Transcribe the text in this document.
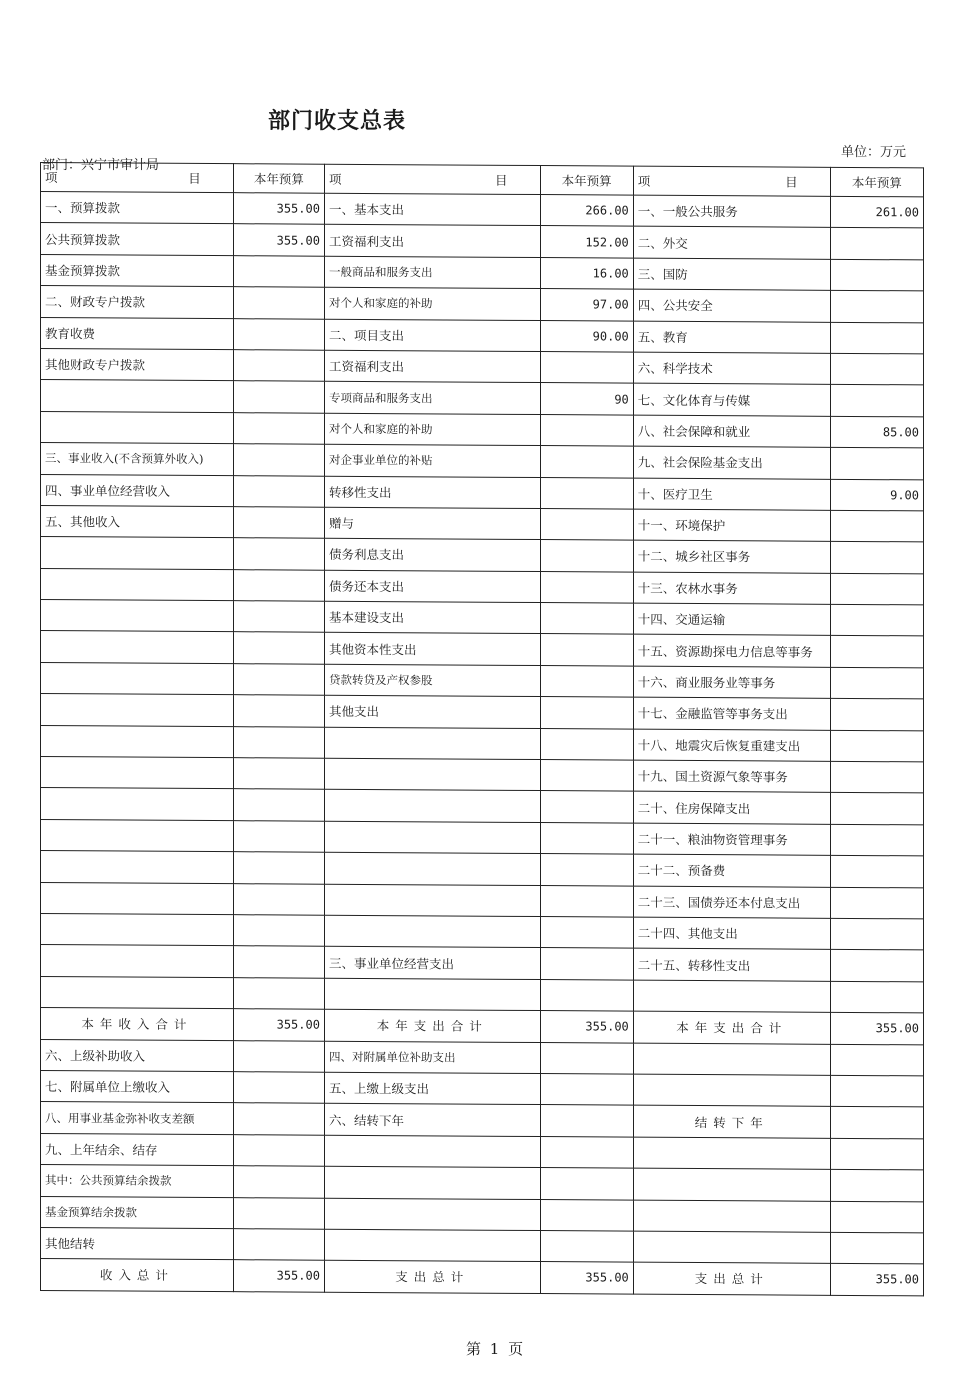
部门收支总表
单位：万元
部门：兴宁市审计局
项 目	本年预算	项 目	本年预算	项 目	本年预算
一、预算拨款	355.00	一、基本支出	266.00	一、一般公共服务	261.00
公共预算拨款	355.00	工资福利支出	152.00	二、外交	
基金预算拨款		一般商品和服务支出	16.00	三、国防	
二、财政专户拨款		对个人和家庭的补助	97.00	四、公共安全	
教育收费		二、项目支出	90.00	五、教育	
其他财政专户拨款		工资福利支出		六、科学技术	
		专项商品和服务支出	90	七、文化体育与传媒	
		对个人和家庭的补助		八、社会保障和就业	85.00
三、事业收入(不含预算外收入)		对企事业单位的补贴		九、社会保险基金支出	
四、事业单位经营收入		转移性支出		十、医疗卫生	9.00
五、其他收入		赠与		十一、环境保护	
		债务利息支出		十二、城乡社区事务	
		债务还本支出		十三、农林水事务	
		基本建设支出		十四、交通运输	
		其他资本性支出		十五、资源勘探电力信息等事务	
		贷款转贷及产权参股		十六、商业服务业等事务	
		其他支出		十七、金融监管等事务支出	
				十八、地震灾后恢复重建支出	
				十九、国土资源气象等事务	
				二十、住房保障支出	
				二十一、粮油物资管理事务	
				二十二、预备费	
				二十三、国债券还本付息支出	
				二十四、其他支出	
		三、事业单位经营支出		二十五、转移性支出	

本年收入合计	355.00	本年支出合计	355.00	本年支出合计	355.00
六、上级补助收入		四、对附属单位补助支出			
七、附属单位上缴收入		五、上缴上级支出			
八、用事业基金弥补收支差额		六、结转下年		结转下年	
九、上年结余、结存					
其中：公共预算结余拨款					
基金预算结余拨款					
其他结转					
收入总计	355.00	支出总计	355.00	支出总计	355.00
第 1 页
